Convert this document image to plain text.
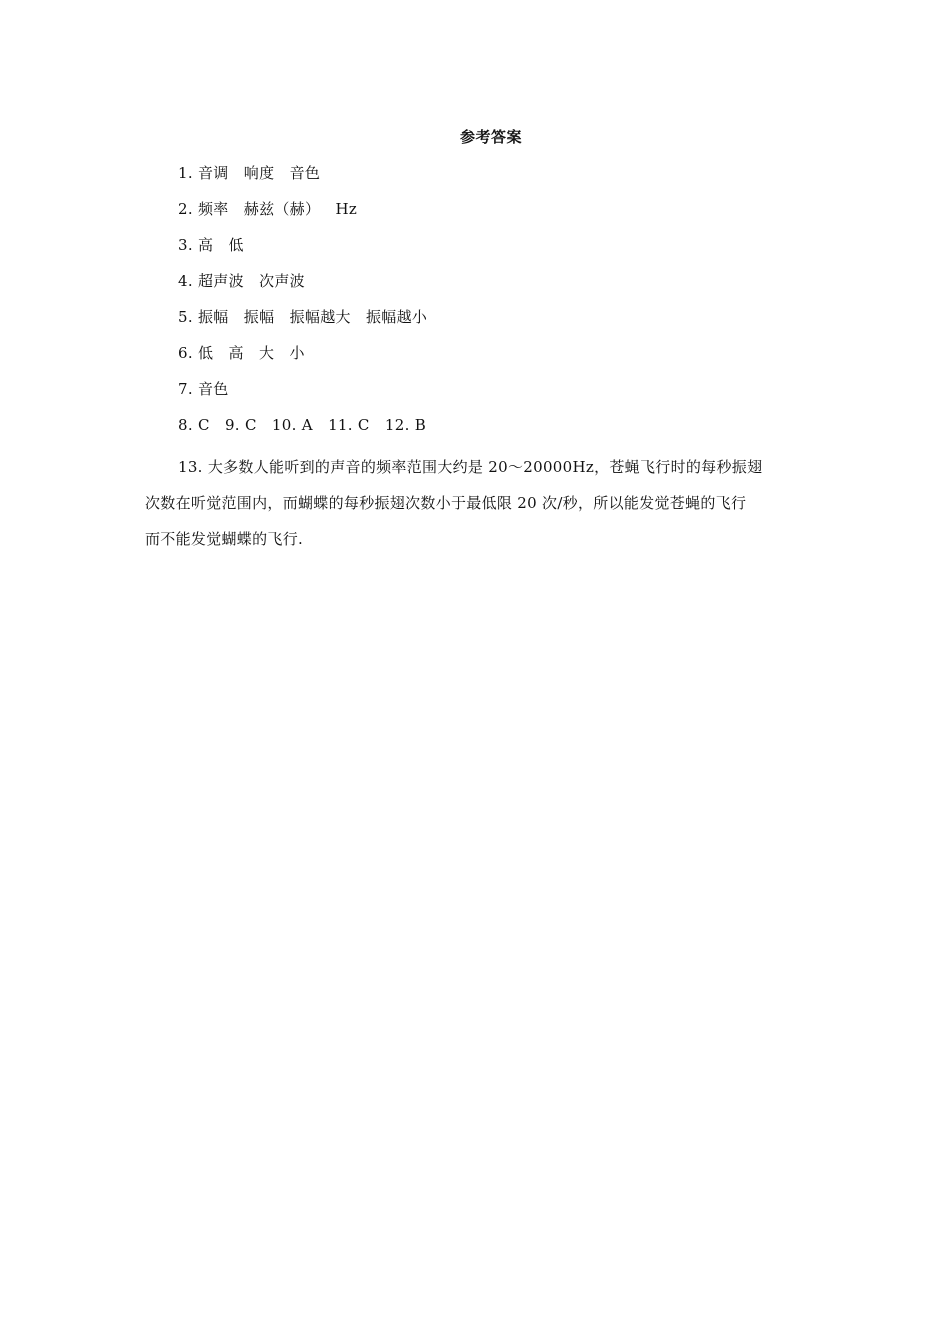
参考答案
1. 音调   响度   音色
2. 频率   赫兹（赫）   Hz
3. 高   低
4. 超声波   次声波
5. 振幅   振幅   振幅越大   振幅越小
6. 低   高   大   小
7. 音色
8. C   9. C   10. A   11. C   12. B
13. 大多数人能听到的声音的频率范围大约是 20～20000Hz，苍蝇飞行时的每秒振翅
次数在听觉范围内，而蝴蝶的每秒振翅次数小于最低限 20 次/秒，所以能发觉苍蝇的飞行
而不能发觉蝴蝶的飞行.
